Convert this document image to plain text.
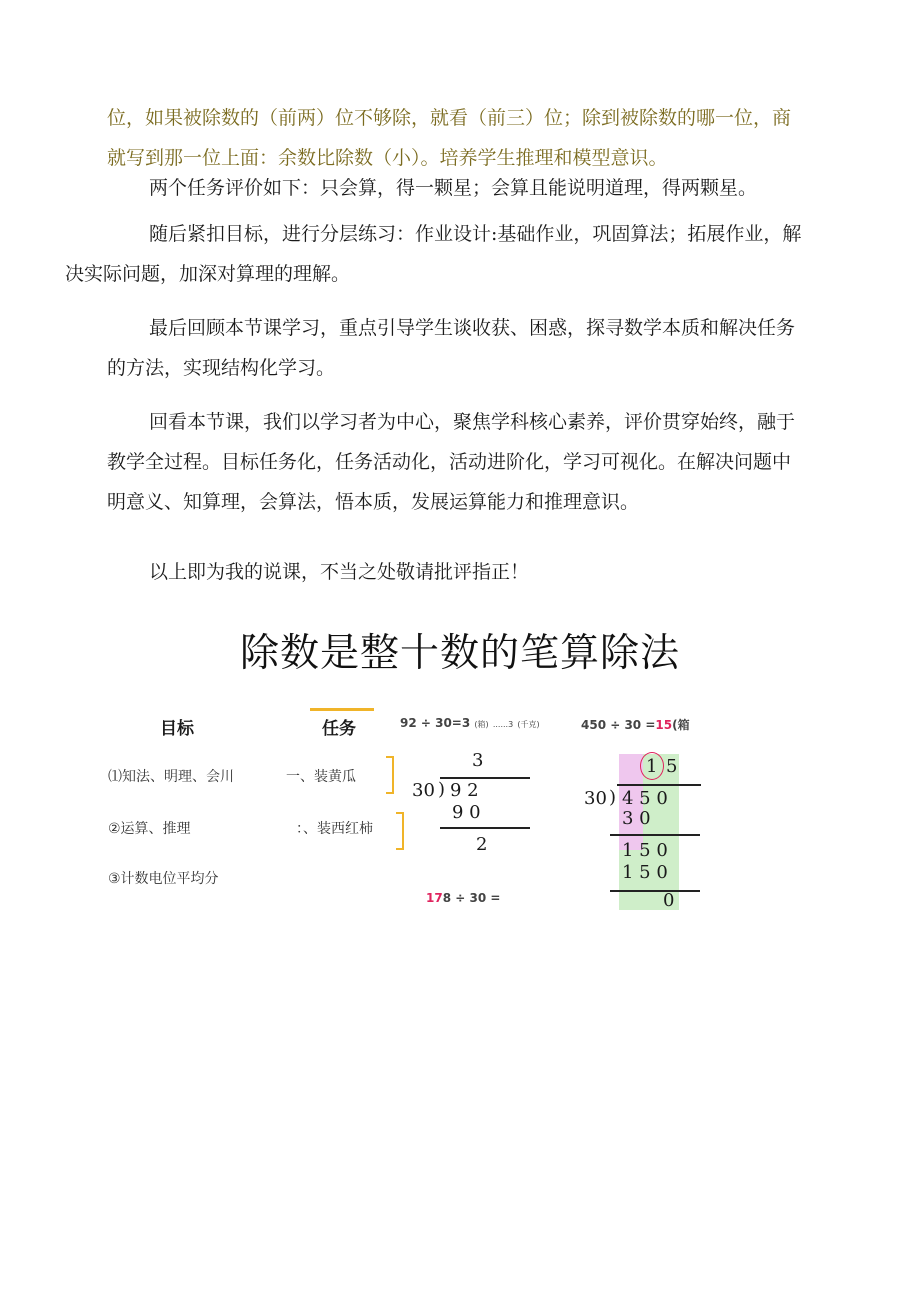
位，如果被除数的（前两）位不够除，就看（前三）位；除到被除数的哪一位，商
就写到那一位上面：余数比除数（小）。培养学生推理和模型意识。

两个任务评价如下：只会算，得一颗星；会算且能说明道理，得两颗星。

随后紧扣目标，进行分层练习：作业设计:基础作业，巩固算法；拓展作业，解
决实际问题，加深对算理的理解。

最后回顾本节课学习，重点引导学生谈收获、困惑，探寻数学本质和解决任务
的方法，实现结构化学习。

回看本节课，我们以学习者为中心，聚焦学科核心素养，评价贯穿始终，融于
教学全过程。目标任务化，任务活动化，活动进阶化，学习可视化。在解决问题中
明意义、知算理，会算法，悟本质，发展运算能力和推理意识。

以上即为我的说课，不当之处敬请批评指正！

除数是整十数的笔算除法
目标	任务
⑴知法、明理、会川
②运算、推理
③计数电位平均分
一、装黄瓜
：、装西红柿
92 ÷ 30=3 (箱) ......3 (千克)	450 ÷ 30 =15(箱
178 ÷ 30 =
3
30 ) 9 2
9 0
2
1 5
30 ) 4 5 0
3 0
1 5 0
1 5 0
0
